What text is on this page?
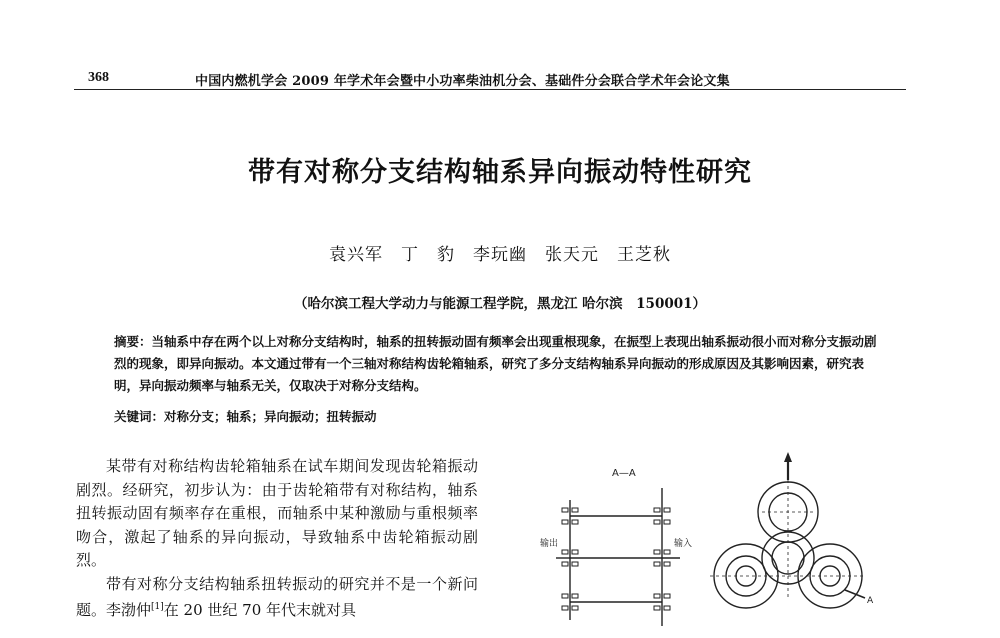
368	中国内燃机学会 2009 年学术年会暨中小功率柴油机分会、基础件分会联合学术年会论文集
带有对称分支结构轴系异向振动特性研究
袁兴军　丁　豹　李玩幽　张天元　王芝秋
（哈尔滨工程大学动力与能源工程学院，黑龙江 哈尔滨　150001）
摘要：当轴系中存在两个以上对称分支结构时，轴系的扭转振动固有频率会出现重根现象，在振型上表现出轴系振动很小而对称分支振动剧烈的现象，即异向振动。本文通过带有一个三轴对称结构齿轮箱轴系，研究了多分支结构轴系异向振动的形成原因及其影响因素，研究表明，异向振动频率与轴系无关，仅取决于对称分支结构。
关键词：对称分支；轴系；异向振动；扭转振动

某带有对称结构齿轮箱轴系在试车期间发现齿轮箱振动剧烈。经研究，初步认为：由于齿轮箱带有对称结构，轴系扭转振动固有频率存在重根，而轴系中某种激励与重根频率吻合，激起了轴系的异向振动，导致轴系中齿轮箱振动剧烈。

带有对称分支结构轴系扭转振动的研究并不是一个新问题。李渤仲[1]在 20 世纪 70 年代末就对具

A—A
输出	输入
A
